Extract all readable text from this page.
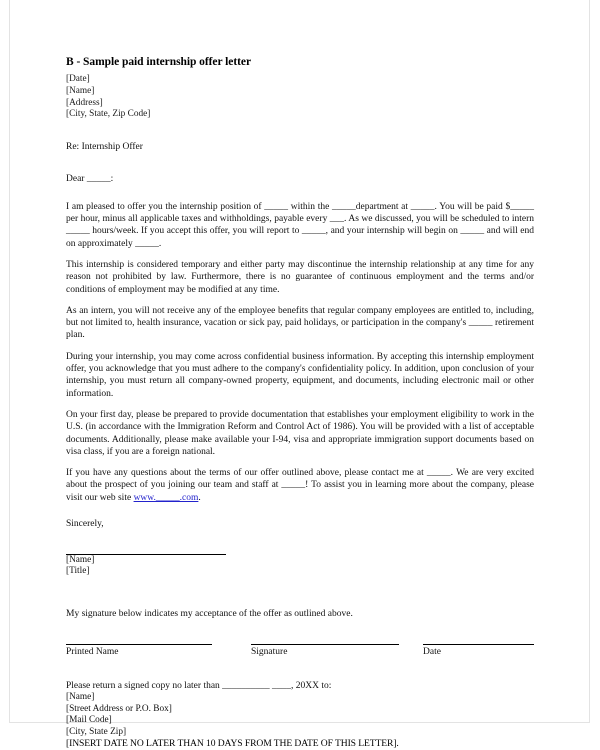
B - Sample paid internship offer letter
[Date]
[Name]
[Address]
[City, State, Zip Code]
Re: Internship Offer
Dear _____:

I am pleased to offer you the internship position of _____ within the _____department at _____. You will be paid $_____ per hour, minus all applicable taxes and withholdings, payable every ___. As we discussed, you will be scheduled to intern _____ hours/week. If you accept this offer, you will report to _____, and your internship will begin on _____ and will end on approximately _____.

This internship is considered temporary and either party may discontinue the internship relationship at any time for any reason not prohibited by law. Furthermore, there is no guarantee of continuous employment and the terms and/or conditions of employment may be modified at any time.

As an intern, you will not receive any of the employee benefits that regular company employees are entitled to, including, but not limited to, health insurance, vacation or sick pay, paid holidays, or participation in the company's _____ retirement plan.

During your internship, you may come across confidential business information. By accepting this internship employment offer, you acknowledge that you must adhere to the company's confidentiality policy. In addition, upon conclusion of your internship, you must return all company-owned property, equipment, and documents, including electronic mail or other information.

On your first day, please be prepared to provide documentation that establishes your employment eligibility to work in the U.S. (in accordance with the Immigration Reform and Control Act of 1986). You will be provided with a list of acceptable documents. Additionally, please make available your I-94, visa and appropriate immigration support documents based on visa class, if you are a foreign national.

If you have any questions about the terms of our offer outlined above, please contact me at _____. We are very excited about the prospect of you joining our team and staff at _____! To assist you in learning more about the company, please visit our web site www._____.com.

Sincerely,
[Name]
[Title]
My signature below indicates my acceptance of the offer as outlined above.
Printed Name	Signature	Date
Please return a signed copy no later than __________ ____, 20XX to:
[Name]
[Street Address or P.O. Box]
[Mail Code]
[City, State Zip]
[INSERT DATE NO LATER THAN 10 DAYS FROM THE DATE OF THIS LETTER].
